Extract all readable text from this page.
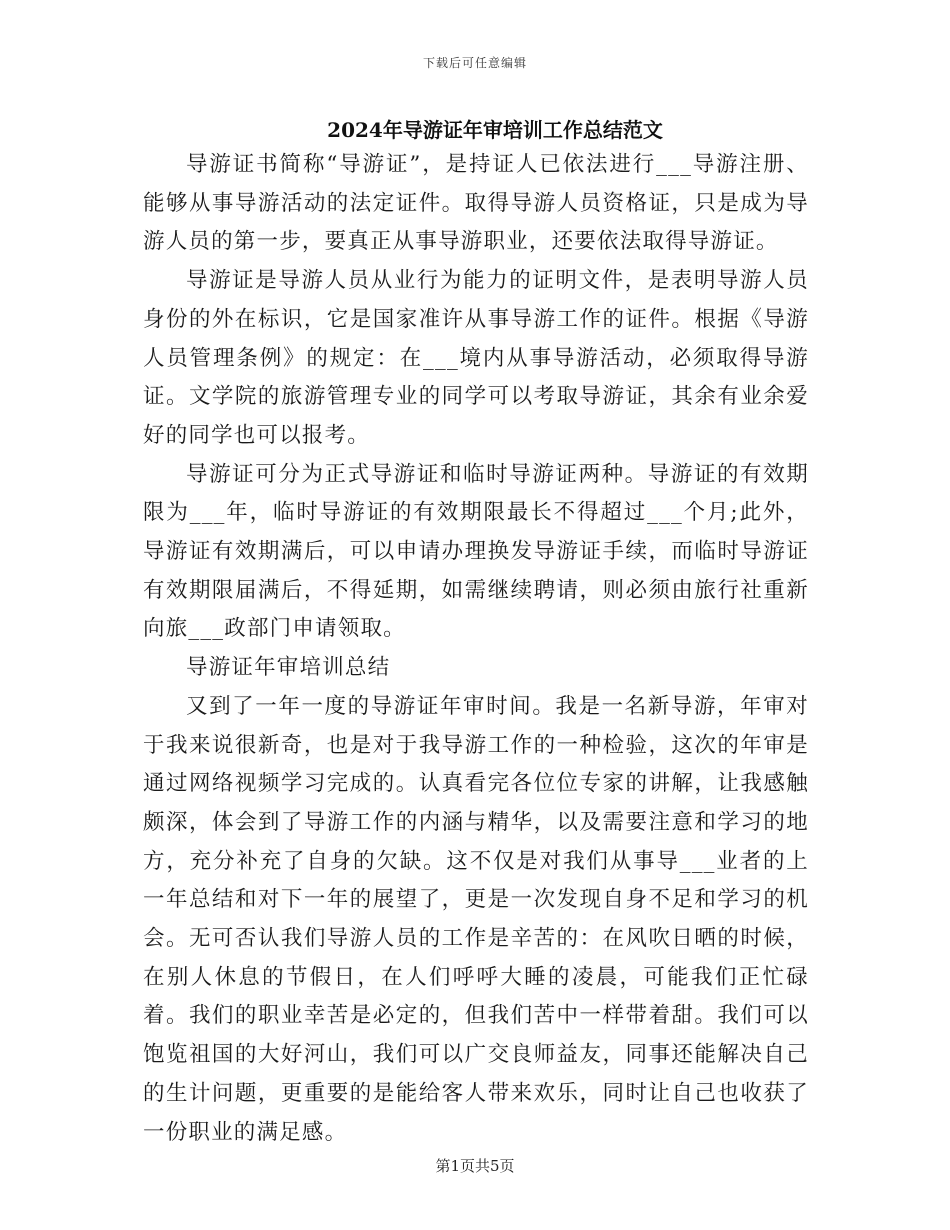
下载后可任意编辑
2024年导游证年审培训工作总结范文

导游证书简称“导游证”，是持证人已依法进行___导游注册、能够从事导游活动的法定证件。取得导游人员资格证，只是成为导游人员的第一步，要真正从事导游职业，还要依法取得导游证。

导游证是导游人员从业行为能力的证明文件，是表明导游人员身份的外在标识，它是国家准许从事导游工作的证件。根据《导游人员管理条例》的规定：在___境内从事导游活动，必须取得导游证。文学院的旅游管理专业的同学可以考取导游证，其余有业余爱好的同学也可以报考。

导游证可分为正式导游证和临时导游证两种。导游证的有效期限为___年，临时导游证的有效期限最长不得超过___个月;此外，导游证有效期满后，可以申请办理换发导游证手续，而临时导游证有效期限届满后，不得延期，如需继续聘请，则必须由旅行社重新向旅___政部门申请领取。

导游证年审培训总结

又到了一年一度的导游证年审时间。我是一名新导游，年审对于我来说很新奇，也是对于我导游工作的一种检验，这次的年审是通过网络视频学习完成的。认真看完各位位专家的讲解，让我感触颇深，体会到了导游工作的内涵与精华，以及需要注意和学习的地方，充分补充了自身的欠缺。这不仅是对我们从事导___业者的上一年总结和对下一年的展望了，更是一次发现自身不足和学习的机会。无可否认我们导游人员的工作是辛苦的：在风吹日晒的时候，在别人休息的节假日，在人们呼呼大睡的凌晨，可能我们正忙碌着。我们的职业幸苦是必定的，但我们苦中一样带着甜。我们可以饱览祖国的大好河山，我们可以广交良师益友，同事还能解决自己的生计问题，更重要的是能给客人带来欢乐，同时让自己也收获了一份职业的满足感。

第1页共5页
